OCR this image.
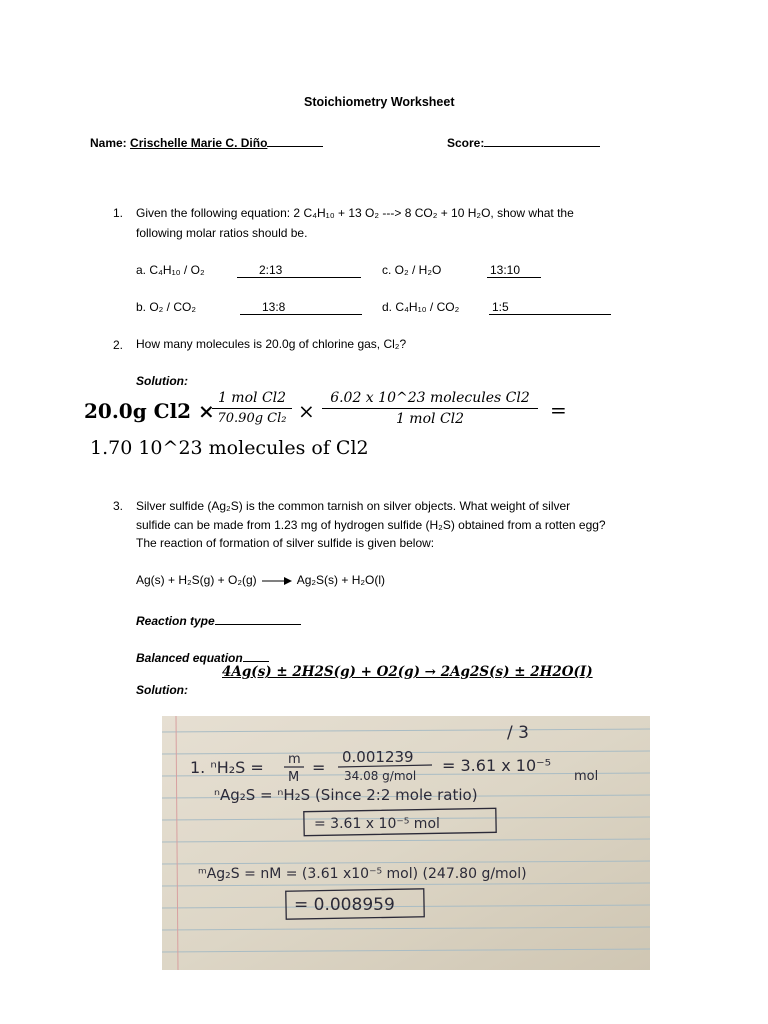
Stoichiometry Worksheet
Name: Crischelle Marie C. Diño	Score:
1. Given the following equation: 2 C₄H₁₀ + 13 O₂ ---> 8 CO₂ + 10 H₂O, show what the
following molar ratios should be.
a. C₄H₁₀ / O₂	2:13	c. O₂ / H₂O	13:10
b. O₂ / CO₂	13:8	d. C₄H₁₀ / CO₂	1:5
2. How many molecules is 20.0g of chlorine gas, Cl₂?
Solution:
20.0g Cl2 ×
1 mol Cl2
70.90g Cl₂ ×
6.02 x 10^23 molecules Cl2
1 mol Cl2	=
1.70 10^23 molecules of Cl2
3. Silver sulfide (Ag₂S) is the common tarnish on silver objects. What weight of silver
sulfide can be made from 1.23 mg of hydrogen sulfide (H₂S) obtained from a rotten egg?
The reaction of formation of silver sulfide is given below:
Ag(s) + H₂S(g) + O₂(g) → Ag₂S(s) + H₂O(l)
Reaction type
Balanced equation
4Ag(s) ± 2H2S(g) + O2(g) → 2Ag2S(s) ± 2H2O(I)
Solution:
/ 3
1. ⁿH₂S = m
M
=
0.001239
34.08 g/mol
= 3.61 x 10⁻⁵
mol
ⁿAg₂S = ⁿH₂S (Since 2:2 mole ratio)
= 3.61 x 10⁻⁵ mol
ᵐAg₂S = nM = (3.61 x10⁻⁵ mol) (247.80 g/mol)
= 0.008959
